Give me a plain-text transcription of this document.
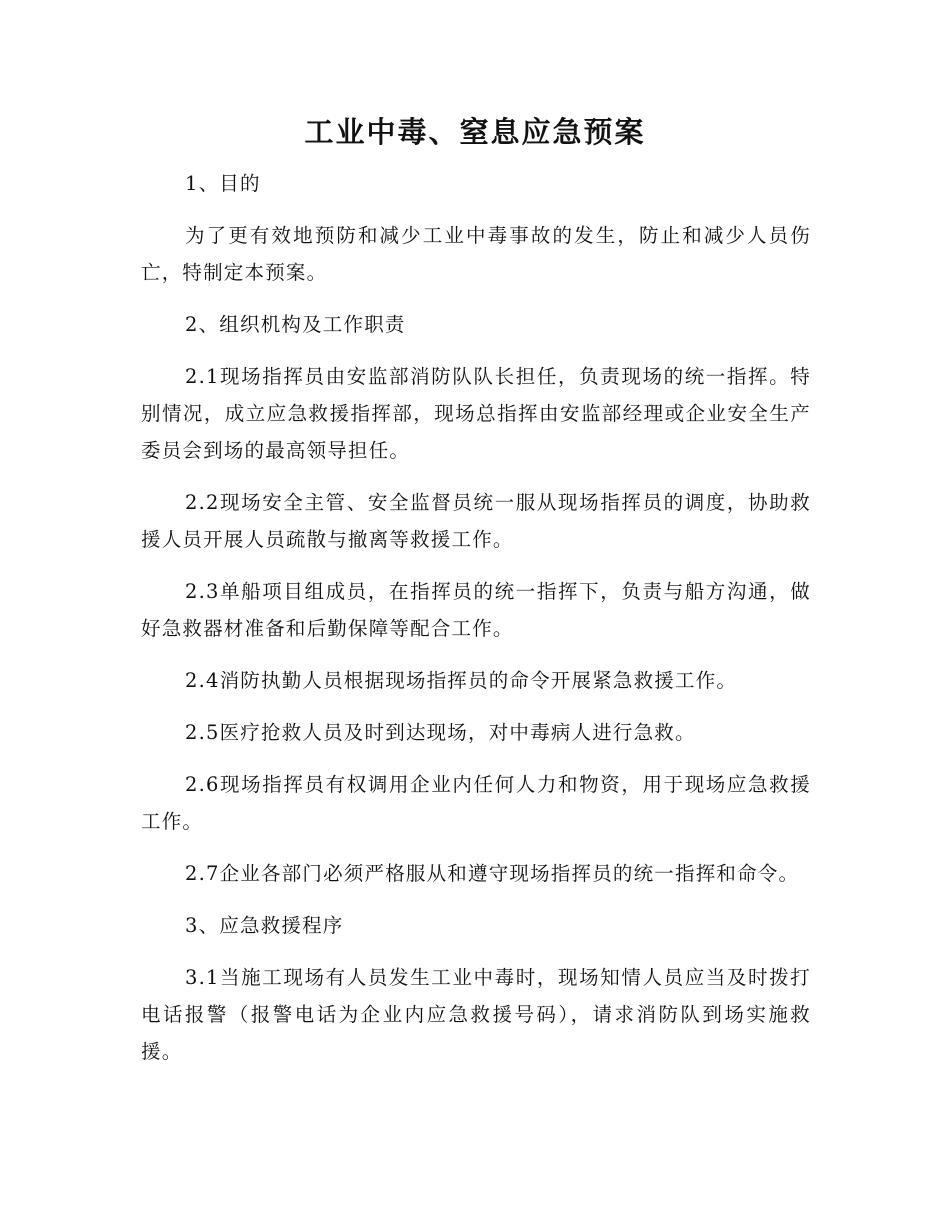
工业中毒、窒息应急预案

1、目的

为了更有效地预防和减少工业中毒事故的发生，防止和减少人员伤亡，特制定本预案。

2、组织机构及工作职责

2.1现场指挥员由安监部消防队队长担任，负责现场的统一指挥。特别情况，成立应急救援指挥部，现场总指挥由安监部经理或企业安全生产委员会到场的最高领导担任。

2.2现场安全主管、安全监督员统一服从现场指挥员的调度，协助救援人员开展人员疏散与撤离等救援工作。

2.3单船项目组成员，在指挥员的统一指挥下，负责与船方沟通，做好急救器材准备和后勤保障等配合工作。

2.4消防执勤人员根据现场指挥员的命令开展紧急救援工作。

2.5医疗抢救人员及时到达现场，对中毒病人进行急救。

2.6现场指挥员有权调用企业内任何人力和物资，用于现场应急救援工作。

2.7企业各部门必须严格服从和遵守现场指挥员的统一指挥和命令。

3、应急救援程序

3.1当施工现场有人员发生工业中毒时，现场知情人员应当及时拨打电话报警（报警电话为企业内应急救援号码），请求消防队到场实施救援。
